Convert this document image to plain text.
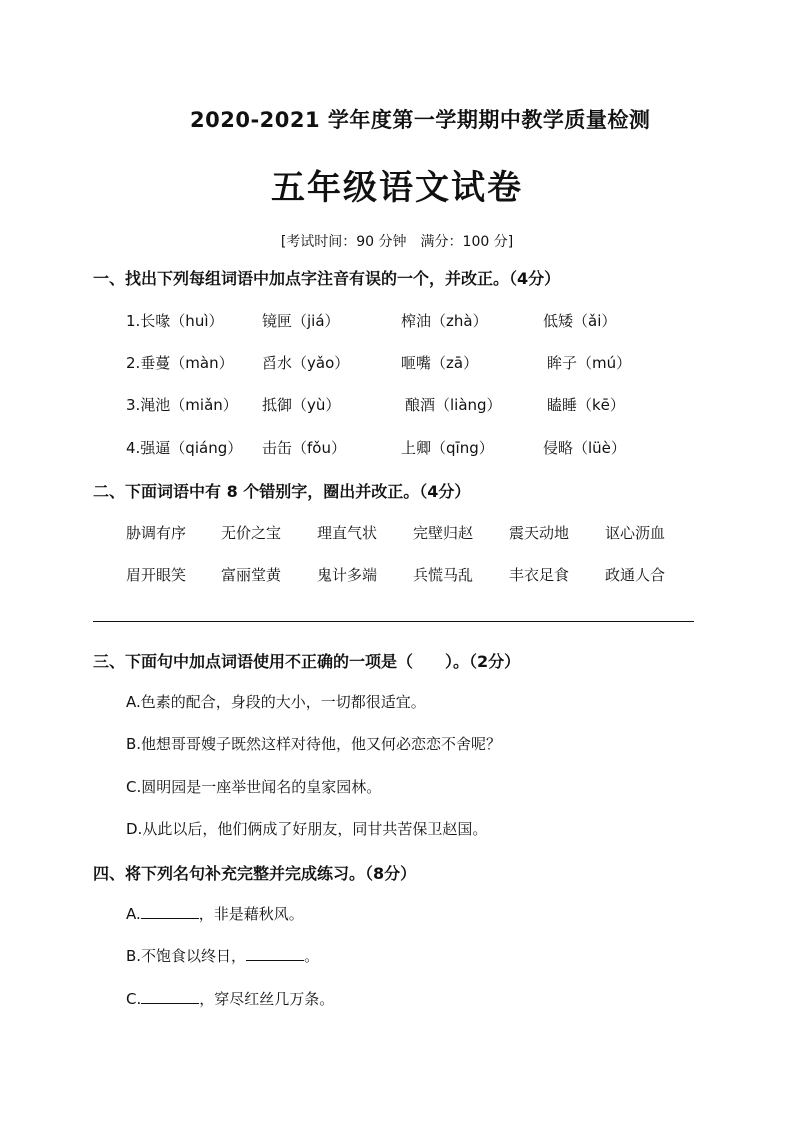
2020-2021 学年度第一学期期中教学质量检测
五年级语文试卷
[考试时间：90 分钟　满分：100 分]
一、找出下列每组词语中加点字注音有误的一个，并改正。（4分）
1.长喙（huì）	镜匣（jiá）	榨油（zhà）	低矮（ǎi）
2.垂蔓（màn） 舀水（yǎo）	咂嘴（zā）	眸子（mú）
3.渑池（miǎn） 抵御（yù）	酿酒（liàng）	瞌睡（kē）
4.强逼（qiáng） 击缶（fǒu）	上卿（qīng）	侵略（lüè）
二、下面词语中有 8 个错别字，圈出并改正。（4分）
胁调有序 无价之宝 理直气状 完壁归赵 震天动地 讴心沥血
眉开眼笑 富丽堂黄 鬼计多端 兵慌马乱 丰衣足食 政通人合
三、下面句中加点词语使用不正确的一项是（　　）。（2分）
A.色素的配合，身段的大小，一切都很适宜。
B.他想哥哥嫂子既然这样对待他，他又何必恋恋不舍呢？
C.圆明园是一座举世闻名的皇家园林。
D.从此以后，他们俩成了好朋友，同甘共苦保卫赵国。
四、将下列名句补充完整并完成练习。（8分）
A.	，非是藉秋风。
B.不饱食以终日，	。
C.	，穿尽红丝几万条。
